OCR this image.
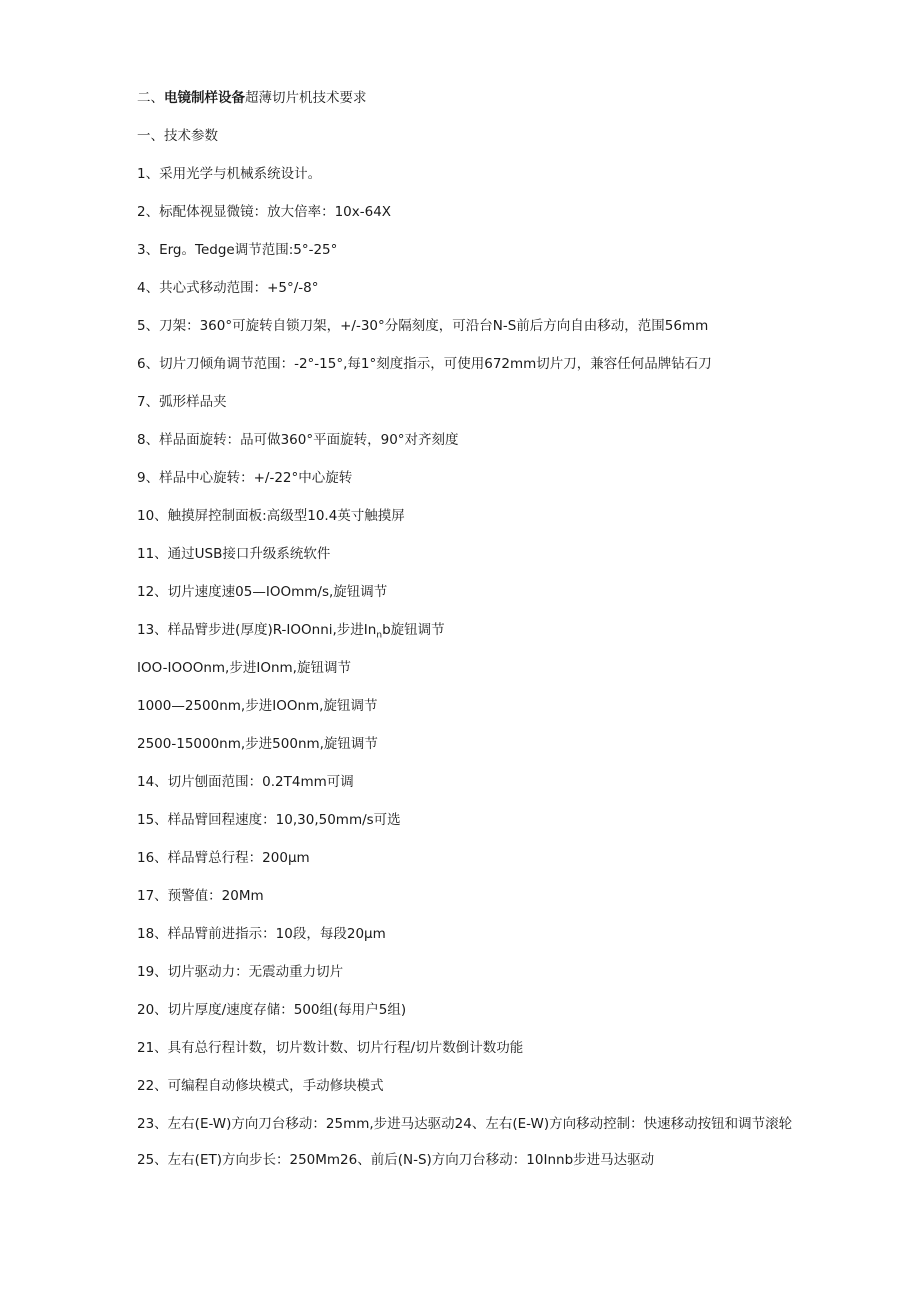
二、电镜制样设备超薄切片机技术要求
一、技术参数
1、采用光学与机械系统设计。
2、标配体视显微镜：放大倍率：10x-64X
3、Erg。Tedge调节范围:5°-25°
4、共心式移动范围：+5°/-8°
5、刀架：360°可旋转自锁刀架，+/-30°分隔刻度，可沿台N-S前后方向自由移动，范围56mm
6、切片刀倾角调节范围：-2°-15°,每1°刻度指示，可使用672mm切片刀，兼容任何品牌钻石刀
7、弧形样品夹
8、样品面旋转：品可做360°平面旋转，90°对齐刻度
9、样品中心旋转：+/-22°中心旋转
10、触摸屏控制面板:高级型10.4英寸触摸屏
11、通过USB接口升级系统软件
12、切片速度速05—IOOmm∕s,旋钮调节
13、样品臂步进(厚度)R-IOOnni,步进$In_nb$旋钮调节
IOO-IOOOnm,步进IOnm,旋钮调节
1000—2500nm,步进IOOnm,旋钮调节
2500-15000nm,步进500nm,旋钮调节
14、切片刨面范围：0.2T4mm可调
15、样品臂回程速度：10,30,50mm∕s可选
16、样品臂总行程：200μm
17、预警值：20Mm
18、样品臂前进指示：10段，每段20μm
19、切片驱动力：无震动重力切片
20、切片厚度/速度存储：500组(每用户5组)
21、具有总行程计数，切片数计数、切片行程/切片数倒计数功能
22、可编程自动修块模式，手动修块模式
23、左右(E-W)方向刀台移动：25mm,步进马达驱动24、左右(E-W)方向移动控制：快速移动按钮和调节滚轮
25、左右(ET)方向步长：250Mm26、前后(N-S)方向刀台移动：10Innb步进马达驱动
